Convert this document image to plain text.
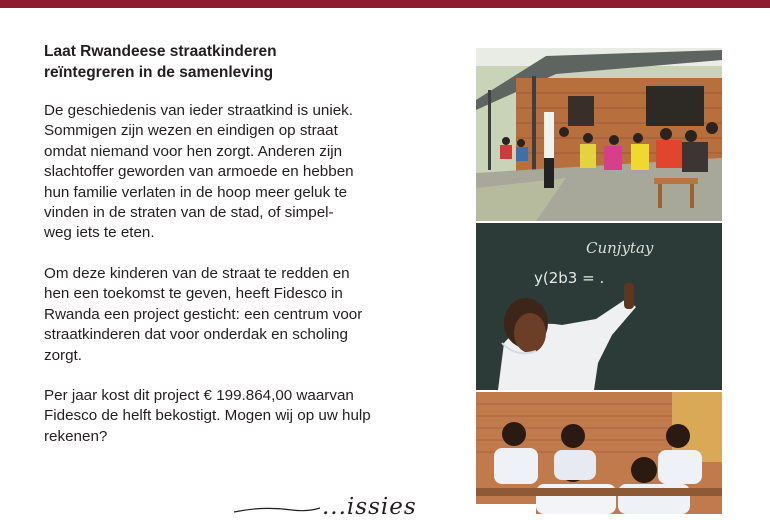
Laat Rwandeese straatkinderen
reïntegreren in de samenleving

De geschiedenis van ieder straatkind is uniek.
Sommigen zijn wezen en eindigen op straat
omdat niemand voor hen zorgt. Anderen zijn
slachtoffer geworden van armoede en hebben
hun familie verlaten in de hoop meer geluk te
vinden in de straten van de stad, of simpel-
weg iets te eten.

Om deze kinderen van de straat te redden en
hen een toekomst te geven, heeft Fidesco in
Rwanda een project gesticht: een centrum voor
straatkinderen dat voor onderdak en scholing
zorgt.

Per jaar kost dit project € 199.864,00 waarvan
Fidesco de helft bekostigt. Mogen wij op uw hulp
rekenen?

Cunjytay
y(2b3 = .

...issies
